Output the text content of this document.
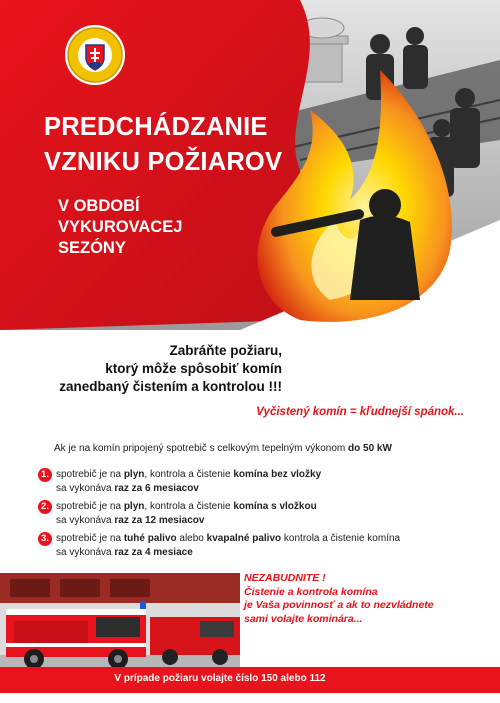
PREDCHÁDZANIE
VZNIKU POŽIAROV
V OBDOBÍ
VYKUROVACEJ
SEZÓNY

Zabráňte požiaru,
ktorý môže spôsobiť komín
zanedbaný čistením a kontrolou !!!

Vyčistený komín = kľudnejší spánok...

Ak je na komín pripojený spotrebič s celkovým tepelným výkonom do 50 kW

1. spotrebič je na plyn, kontrola a čistenie komína bez vložky
sa vykonáva raz za 6 mesiacov

2. spotrebič je na plyn, kontrola a čistenie komína s vložkou
sa vykonáva raz za 12 mesiacov

3. spotrebič je na tuhé palivo alebo kvapalné palivo kontrola a čistenie komína
sa vykonáva raz za 4 mesiace

NEZABUDNITE !
Čistenie a kontrola komína
je Vaša povinnosť a ak to nezvládnete
sami volajte kominára...

V prípade požiaru volajte číslo 150 alebo 112
